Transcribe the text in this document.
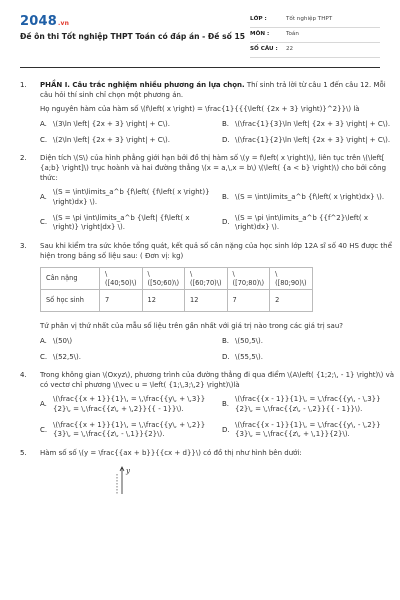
2048.vn
Đề ôn thi Tốt nghiệp THPT Toán có đáp án - Đề số 15
LỚP :	Tốt nghiệp THPT
MÔN :	Toán
SỐ CÂU :	22
1.	PHẦN I. Câu trắc nghiệm nhiều phương án lựa chọn. Thí sinh trả lời từ câu 1 đến câu 12. Mỗi câu hỏi thí sinh chỉ chọn một phương án.

Họ nguyên hàm của hàm số \(f\left( x \right) = \frac{1}{{{\left( {2x + 3} \right)}^2}}\) là

A. \(3\ln \left| {2x + 3} \right| + C\).	B. \(\frac{1}{3}\ln \left| {2x + 3} \right| + C\).
C. \(2\ln \left| {2x + 3} \right| + C\).	D. \(\frac{1}{2}\ln \left| {2x + 3} \right| + C\).
2.	Diện tích \(S\) của hình phẳng giới hạn bởi đồ thị hàm số \(y = f\left( x \right)\), liên tục trên \(\left[ {a;b} \right]\) trục hoành và hai đường thẳng \(x = a,\,x = b\) \(\left( {a < b} \right)\) cho bởi công thức:

A.
\(S = \int\limits_a^b {f\left( {f\left( x \right)} \right)dx} \).
B. \(S = \int\limits_a^b {f\left( x \right)dx} \).
C.
\(S = \pi \int\limits_a^b {\left| {f\left( x \right)} \right|dx} \).
D.
\(S = \pi \int\limits_a^b {{f^2}\left( x \right)dx} \).
3.	Sau khi kiểm tra sức khỏe tổng quát, kết quả số cân nặng của học sinh lớp 12A sĩ số 40 HS được thể hiện trong bảng số liệu sau: ( Đơn vị: kg)

Cân nặng	\([40;50)\)	\([50;60)\)	\([60;70)\)	\([70;80)\)	\([80;90)\)
Số học sinh	7	12	12	7	2

Tứ phân vị thứ nhất của mẫu số liệu trên gần nhất với giá trị nào trong các giá trị sau?

A. \(50\)	B. \(50,5\).
C. \(52,5\).	D. \(55,5\).
4.	Trong không gian \(Oxyz\), phương trình của đường thẳng đi qua điểm \(A\left( {1;2;\, - 1} \right)\) và có vectơ chỉ phương \(\vec u = \left( {1;\,3;\,2} \right)\)là

A.
\(\frac{{x + 1}}{1}\, = \,\frac{{y\, + \,3}}{2}\, = \,\frac{{z\, + \,2}}{{ - 1}}\).
B.
\(\frac{{x - 1}}{1}\, = \,\frac{{y\, - \,3}}{2}\, = \,\frac{{z\, - \,2}}{{ - 1}}\).
C.
\(\frac{{x + 1}}{1}\, = \,\frac{{y\, + \,2}}{3}\, = \,\frac{{z\, - \,1}}{2}\).
D.
\(\frac{{x - 1}}{1}\, = \,\frac{{y\, - \,2}}{3}\, = \,\frac{{z\, + \,1}}{2}\).
5.	Hàm số số \(y = \frac{{ax + b}}{{cx + d}}\) có đồ thị như hình bên dưới:

y
